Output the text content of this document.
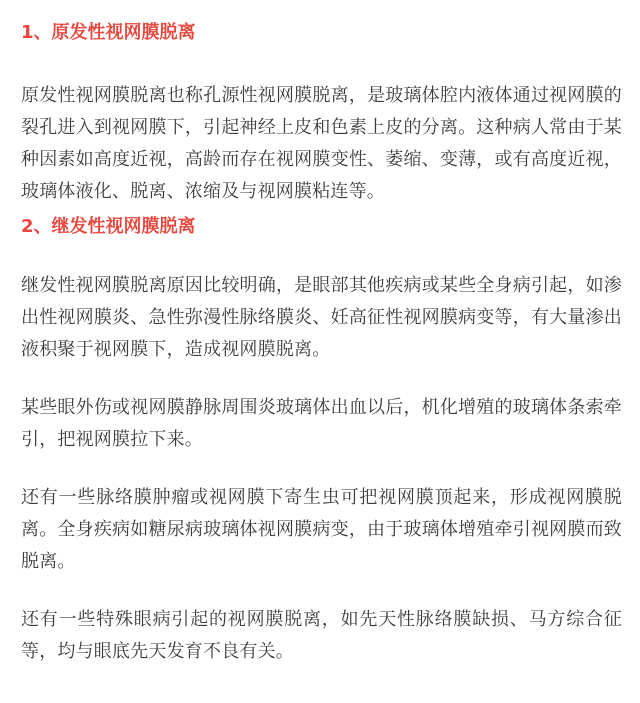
1、原发性视网膜脱离

原发性视网膜脱离也称孔源性视网膜脱离，是玻璃体腔内液体通过视网膜的裂孔进入到视网膜下，引起神经上皮和色素上皮的分离。这种病人常由于某种因素如高度近视，高龄而存在视网膜变性、萎缩、变薄，或有高度近视，玻璃体液化、脱离、浓缩及与视网膜粘连等。

2、继发性视网膜脱离

继发性视网膜脱离原因比较明确，是眼部其他疾病或某些全身病引起，如渗出性视网膜炎、急性弥漫性脉络膜炎、妊高征性视网膜病变等，有大量渗出液积聚于视网膜下，造成视网膜脱离。

某些眼外伤或视网膜静脉周围炎玻璃体出血以后，机化增殖的玻璃体条索牵引，把视网膜拉下来。

还有一些脉络膜肿瘤或视网膜下寄生虫可把视网膜顶起来，形成视网膜脱离。全身疾病如糖尿病玻璃体视网膜病变，由于玻璃体增殖牵引视网膜而致脱离。

还有一些特殊眼病引起的视网膜脱离，如先天性脉络膜缺损、马方综合征等，均与眼底先天发育不良有关。
